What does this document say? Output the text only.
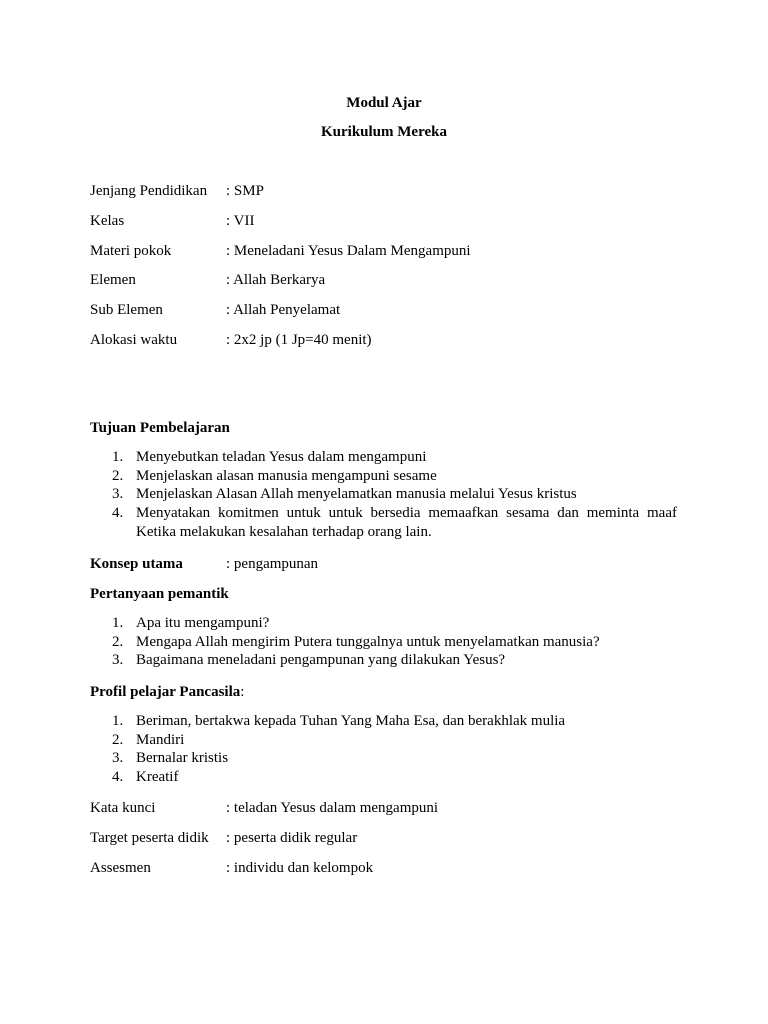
Modul Ajar
Kurikulum Mereka
Jenjang Pendidikan : SMP
Kelas	: VII
Materi pokok	: Meneladani Yesus Dalam Mengampuni
Elemen	: Allah Berkarya
Sub Elemen	: Allah Penyelamat
Alokasi waktu	: 2x2 jp (1 Jp=40 menit)
Tujuan Pembelajaran
1. Menyebutkan teladan Yesus dalam mengampuni
2. Menjelaskan alasan manusia mengampuni sesame
3. Menjelaskan Alasan Allah menyelamatkan manusia melalui Yesus kristus
4. Menyatakan komitmen untuk untuk bersedia memaafkan sesama dan meminta maaf Ketika melakukan kesalahan terhadap orang lain.
Konsep utama	: pengampunan
Pertanyaan pemantik
1. Apa itu mengampuni?
2. Mengapa Allah mengirim Putera tunggalnya untuk menyelamatkan manusia?
3. Bagaimana meneladani pengampunan yang dilakukan Yesus?
Profil pelajar Pancasila:
1. Beriman, bertakwa kepada Tuhan Yang Maha Esa, dan berakhlak mulia
2. Mandiri
3. Bernalar kristis
4. Kreatif
Kata kunci	: teladan Yesus dalam mengampuni
Target peserta didik : peserta didik regular
Assesmen	: individu dan kelompok
